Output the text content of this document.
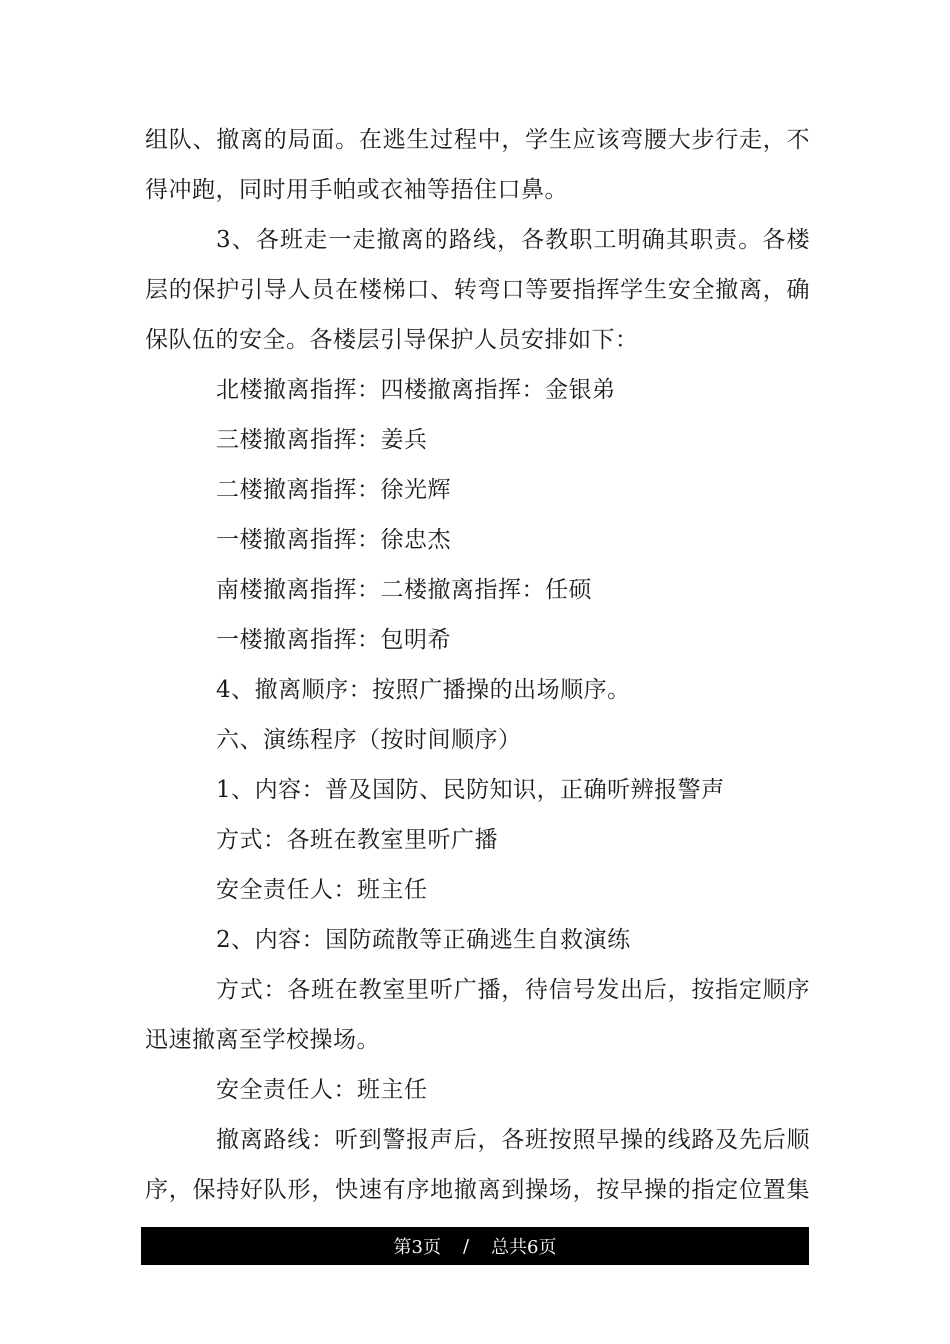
组队、撤离的局面。在逃生过程中，学生应该弯腰大步行走，不
得冲跑，同时用手帕或衣袖等捂住口鼻。
3、各班走一走撤离的路线，各教职工明确其职责。各楼
层的保护引导人员在楼梯口、转弯口等要指挥学生安全撤离，确
保队伍的安全。各楼层引导保护人员安排如下：
北楼撤离指挥：四楼撤离指挥：金银弟
三楼撤离指挥：姜兵
二楼撤离指挥：徐光辉
一楼撤离指挥：徐忠杰
南楼撤离指挥：二楼撤离指挥：任硕
一楼撤离指挥：包明希
4、撤离顺序：按照广播操的出场顺序。
六、演练程序（按时间顺序）
1、内容：普及国防、民防知识，正确听辨报警声
方式：各班在教室里听广播
安全责任人：班主任
2、内容：国防疏散等正确逃生自救演练
方式：各班在教室里听广播，待信号发出后，按指定顺序
迅速撤离至学校操场。
安全责任人：班主任
撤离路线：听到警报声后，各班按照早操的线路及先后顺
序，保持好队形，快速有序地撤离到操场，按早操的指定位置集
第3页 / 总共6页
